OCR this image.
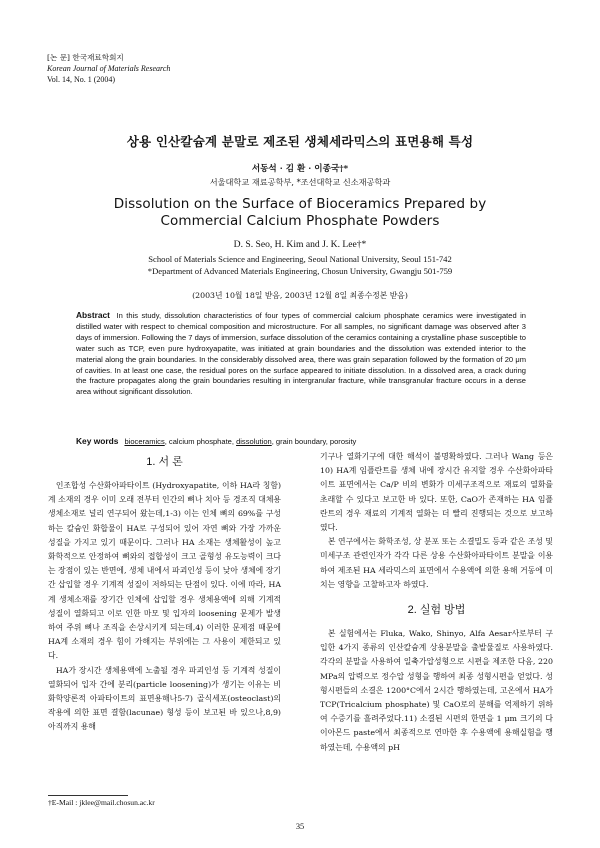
[논 문] 한국재료학회지
Korean Journal of Materials Research
Vol. 14, No. 1 (2004)
상용 인산칼슘계 분말로 제조된 생체세라믹스의 표면용해 특성
서동석 · 김 환 · 이종국†*
서울대학교 재료공학부, *조선대학교 신소재공학과
Dissolution on the Surface of Bioceramics Prepared by
Commercial Calcium Phosphate Powders
D. S. Seo, H. Kim and J. K. Lee†*
School of Materials Science and Engineering, Seoul National University, Seoul 151-742
*Department of Advanced Materials Engineering, Chosun University, Gwangju 501-759
(2003년 10월 18일 받음, 2003년 12월 8일 최종수정본 받음)
Abstract In this study, dissolution characteristics of four types of commercial calcium phosphate ceramics were investigated in distilled water with respect to chemical composition and microstructure. For all samples, no significant damage was observed after 3 days of immersion. Following the 7 days of immersion, surface dissolution of the ceramics containing a crystalline phase susceptible to water such as TCP, even pure hydroxyapatite, was initiated at grain boundaries and the dissolution was extended interior to the material along the grain boundaries. In the considerably dissolved area, there was grain separation followed by the formation of 20 μm of cavities. In at least one case, the residual pores on the surface appeared to initiate dissolution. In a dissolved area, a crack during the fracture propagates along the grain boundaries resulting in intergranular fracture, while transgranular fracture occurs in a dense area without significant dissolution.
Key words bioceramics, calcium phosphate, dissolution, grain boundary, porosity
1. 서 론

인조합성 수산화아파타이트 (Hydroxyapatite, 이하 HA라 칭함)계 소재의 경우 이미 오래 전부터 인간의 뼈나 치아 등 경조직 대체용 생체소재로 널리 연구되어 왔는데,1-3) 이는 인체 뼈의 69%를 구성하는 칼슘인 화합물이 HA로 구성되어 있어 자연 뼈와 가장 가까운 성질을 가지고 있기 때문이다. 그러나 HA 소재는 생체활성이 높고 화학적으로 안정하여 뼈와의 접합성이 크고 골형성 유도능력이 크다는 장점이 있는 반면에, 생체 내에서 파괴인성 등이 낮아 생체에 장기간 삽입할 경우 기계적 성질이 저하되는 단점이 있다. 이에 따라, HA계 생체소재를 장기간 인체에 삽입할 경우 생체용액에 의해 기계적 성질이 열화되고 이로 인한 마모 및 입자의 loosening 문제가 발생하여 주위 뼈나 조직을 손상시키게 되는데,4) 이러한 문제점 때문에 HA계 소재의 경우 힘이 가해지는 부위에는 그 사용이 제한되고 있다.

HA가 장시간 생체용액에 노출될 경우 파괴인성 등 기계적 성질이 열화되어 입자 간에 분리(particle loosening)가 생기는 이유는 비화학양론적 아파타이트의 표면용해나5-7) 골식세포(osteoclast)의 작용에 의한 표면 결함(lacunae) 형성 등이 보고된 바 있으나,8,9) 아직까지 용해

기구나 열화기구에 대한 해석이 불명확하였다. 그러나 Wang 등은10) HA계 임플란트를 생체 내에 장시간 유지할 경우 수산화아파타이트 표면에서는 Ca/P 비의 변화가 미세구조적으로 재료의 열화를 초래할 수 있다고 보고한 바 있다. 또한, CaO가 존재하는 HA 임플란트의 경우 재료의 기계적 열화는 더 빨리 진행되는 것으로 보고하였다.

본 연구에서는 화학조성, 상 분포 또는 소결밀도 등과 같은 조성 및 미세구조 관련인자가 각각 다른 상용 수산화아파타이트 분말을 이용하여 제조된 HA 세라믹스의 표면에서 수용액에 의한 용해 거동에 미치는 영향을 고찰하고자 하였다.

2. 실험 방법

본 실험에서는 Fluka, Wako, Shinyo, Alfa Aesar사로부터 구입한 4가지 종류의 인산칼슘계 상용분말을 출발물질로 사용하였다. 각각의 분말을 사용하여 일축가압성형으로 시편을 제조한 다음, 220 MPa의 압력으로 정수압 성형을 행하여 최종 성형시편을 얻었다. 성형시편들의 소결은 1200°C에서 2시간 행하였는데, 고온에서 HA가 TCP(Tricalcium phosphate) 및 CaO로의 분해를 억제하기 위하여 수증기를 흘려주었다.11) 소결된 시편의 한면을 1 μm 크기의 다이아몬드 paste에서 최종적으로 연마한 후 수용액에 용해실험을 행하였는데, 수용액의 pH

†E-Mail : jklee@mail.chosun.ac.kr
35
